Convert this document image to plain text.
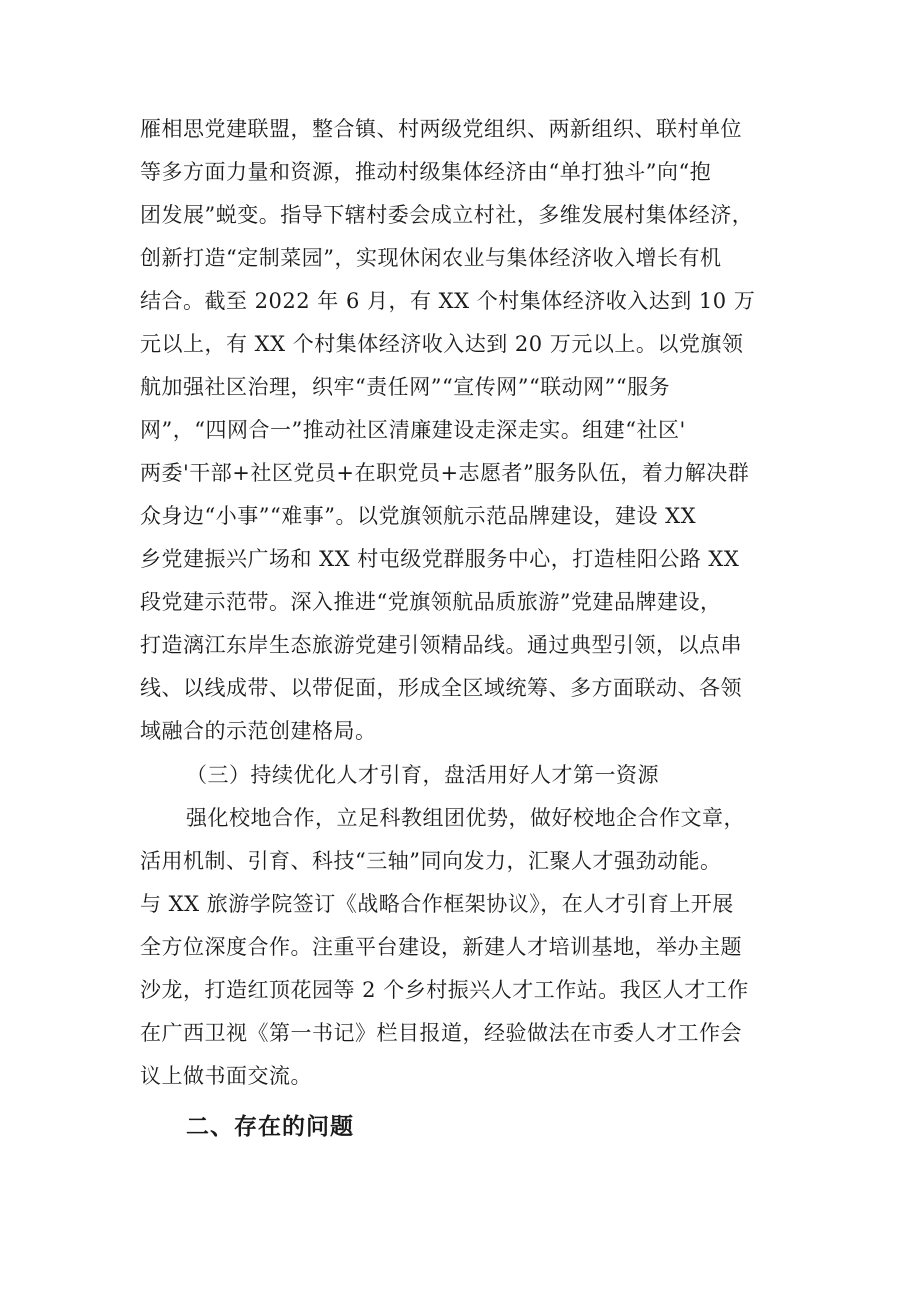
雁相思党建联盟，整合镇、村两级党组织、两新组织、联村单位
等多方面力量和资源，推动村级集体经济由“单打独斗”向“抱
团发展”蜕变。指导下辖村委会成立村社，多维发展村集体经济，
创新打造“定制菜园”，实现休闲农业与集体经济收入增长有机
结合。截至 2022 年 6 月，有 XX 个村集体经济收入达到 10 万
元以上，有 XX 个村集体经济收入达到 20 万元以上。以党旗领
航加强社区治理，织牢“责任网”“宣传网”“联动网”“服务
网”，“四网合一”推动社区清廉建设走深走实。组建“社区'
两委'干部+社区党员+在职党员+志愿者”服务队伍，着力解决群
众身边“小事”“难事”。以党旗领航示范品牌建设，建设 XX
乡党建振兴广场和 XX 村屯级党群服务中心，打造桂阳公路 XX
段党建示范带。深入推进“党旗领航品质旅游”党建品牌建设，
打造漓江东岸生态旅游党建引领精品线。通过典型引领，以点串
线、以线成带、以带促面，形成全区域统筹、多方面联动、各领
域融合的示范创建格局。
（三）持续优化人才引育，盘活用好人才第一资源
强化校地合作，立足科教组团优势，做好校地企合作文章，
活用机制、引育、科技“三轴”同向发力，汇聚人才强劲动能。
与 XX 旅游学院签订《战略合作框架协议》，在人才引育上开展
全方位深度合作。注重平台建设，新建人才培训基地，举办主题
沙龙，打造红顶花园等 2 个乡村振兴人才工作站。我区人才工作
在广西卫视《第一书记》栏目报道，经验做法在市委人才工作会
议上做书面交流。
二、存在的问题
